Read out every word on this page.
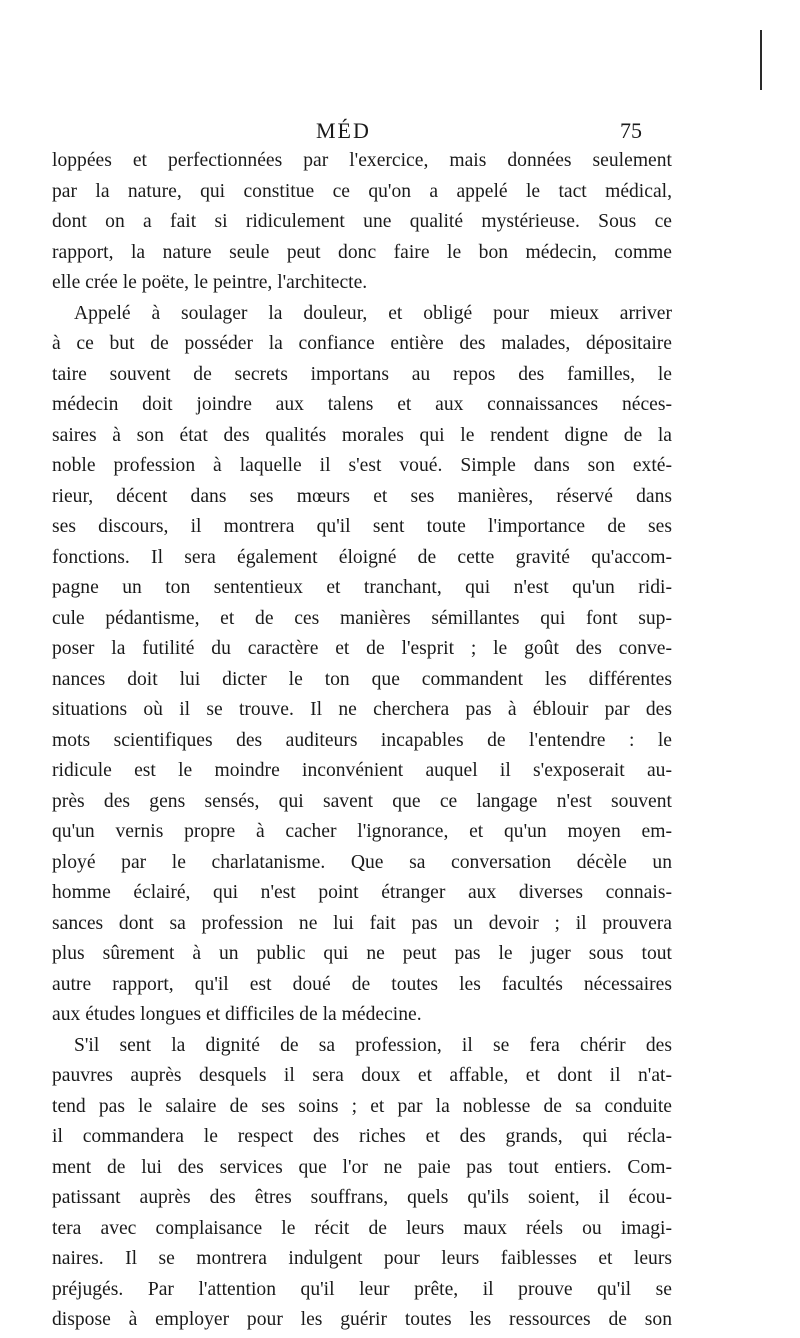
MÉD	75
loppées et perfectionnées par l'exercice, mais données seulement
par la nature, qui constitue ce qu'on a appelé le tact médical,
dont on a fait si ridiculement une qualité mystérieuse. Sous ce
rapport, la nature seule peut donc faire le bon médecin, comme
elle crée le poëte, le peintre, l'architecte.
Appelé à soulager la douleur, et obligé pour mieux arriver
à ce but de posséder la confiance entière des malades, dépositaire
taire souvent de secrets importans au repos des familles, le
médecin doit joindre aux talens et aux connaissances néces-
saires à son état des qualités morales qui le rendent digne de la
noble profession à laquelle il s'est voué. Simple dans son exté-
rieur, décent dans ses mœurs et ses manières, réservé dans
ses discours, il montrera qu'il sent toute l'importance de ses
fonctions. Il sera également éloigné de cette gravité qu'accom-
pagne un ton sententieux et tranchant, qui n'est qu'un ridi-
cule pédantisme, et de ces manières sémillantes qui font sup-
poser la futilité du caractère et de l'esprit ; le goût des conve-
nances doit lui dicter le ton que commandent les différentes
situations où il se trouve. Il ne cherchera pas à éblouir par des
mots scientifiques des auditeurs incapables de l'entendre : le
ridicule est le moindre inconvénient auquel il s'exposerait au-
près des gens sensés, qui savent que ce langage n'est souvent
qu'un vernis propre à cacher l'ignorance, et qu'un moyen em-
ployé par le charlatanisme. Que sa conversation décèle un
homme éclairé, qui n'est point étranger aux diverses connais-
sances dont sa profession ne lui fait pas un devoir ; il prouvera
plus sûrement à un public qui ne peut pas le juger sous tout
autre rapport, qu'il est doué de toutes les facultés nécessaires
aux études longues et difficiles de la médecine.
S'il sent la dignité de sa profession, il se fera chérir des
pauvres auprès desquels il sera doux et affable, et dont il n'at-
tend pas le salaire de ses soins ; et par la noblesse de sa conduite
il commandera le respect des riches et des grands, qui récla-
ment de lui des services que l'or ne paie pas tout entiers. Com-
patissant auprès des êtres souffrans, quels qu'ils soient, il écou-
tera avec complaisance le récit de leurs maux réels ou imagi-
naires. Il se montrera indulgent pour leurs faiblesses et leurs
préjugés. Par l'attention qu'il leur prête, il prouve qu'il se
dispose à employer pour les guérir toutes les ressources de son
